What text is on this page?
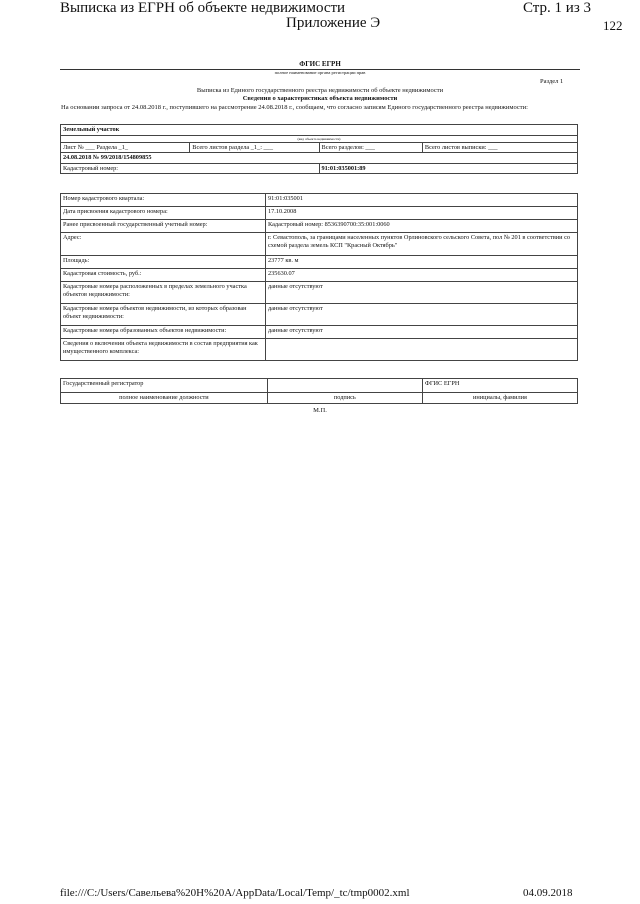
Выписка из ЕГРН об объекте недвижимости	Стр. 1 из 3
Приложение Э	122
ФГИС ЕГРН
полное наименование органа регистрации прав
Раздел 1
Выписка из Единого государственного реестра недвижимости об объекте недвижимости
Сведения о характеристиках объекта недвижимости
На основании запроса от 24.08.2018 г., поступившего на рассмотрение 24.08.2018 г., сообщаем, что согласно записям Единого государственного реестра недвижимости:
Земельный участок			
(вид объекта недвижимости)			
Лист № ___ Раздела _1_	Всего листов раздела _1_: ___	Всего разделов: ___	Всего листов выписки: ___
24.08.2018 № 99/2018/154809855			
Кадастровый номер:		91:01:035001:89	
Номер кадастрового квартала:	91:01:035001
Дата присвоения кадастрового номера:	17.10.2008
Ранее присвоенный государственный учетный номер:	Кадастровый номер: 8536390700:35:001:0060
Адрес:	г. Севастополь, за границами населенных пунктов Орлиновского сельского Совета, пол № 201 в соответствии со схемой раздела земель КСП "Красный Октябрь"
Площадь:	23777 кв. м
Кадастровая стоимость, руб.:	235630.07
Кадастровые номера расположенных в пределах земельного участка объектов недвижимости:	данные отсутствуют
Кадастровые номера объектов недвижимости, из которых образован объект недвижимости:	данные отсутствуют
Кадастровые номера образованных объектов недвижимости:	данные отсутствуют
Сведения о включении объекта недвижимости в состав предприятия как имущественного комплекса:	
Государственный регистратор		ФГИС ЕГРН
полное наименование должности	подпись	инициалы, фамилия
М.П.
file:///C:/Users/Савельева%20Н%20А/AppData/Local/Temp/_tc/tmp0002.xml	04.09.2018
